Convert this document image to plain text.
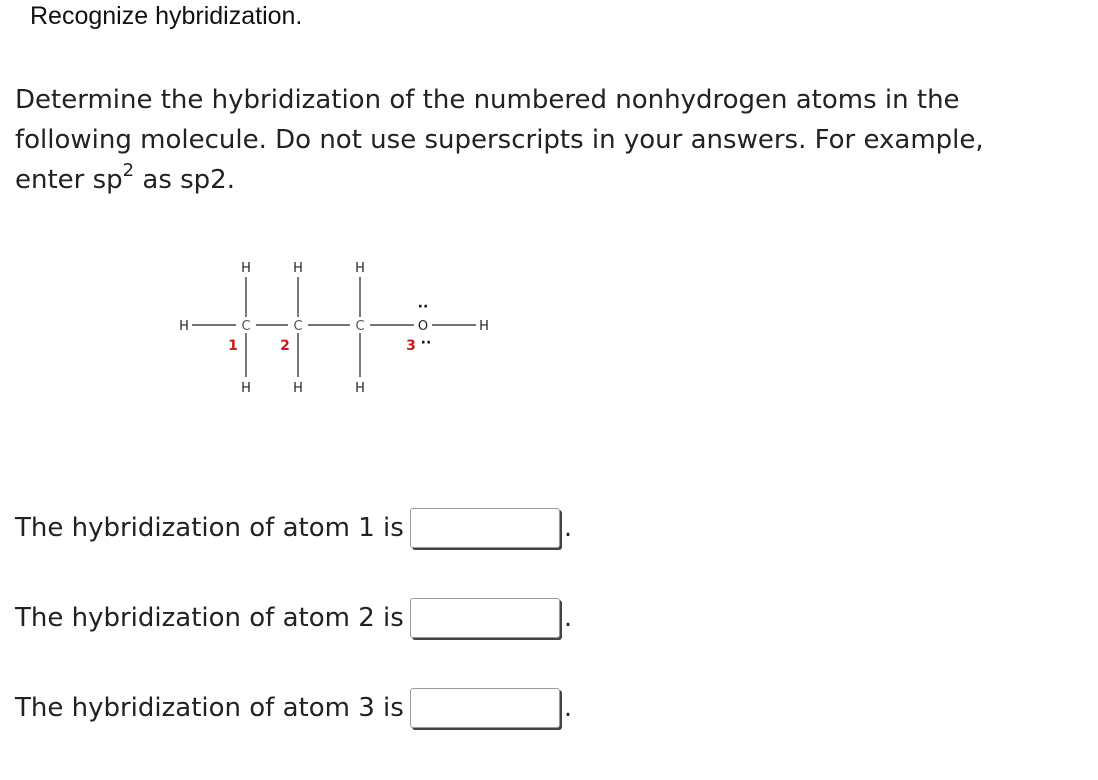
Recognize hybridization.
Determine the hybridization of the numbered nonhydrogen atoms in the following molecule. Do not use superscripts in your answers. For example, enter $sp^2$ as sp2.
H	H	H
H	C	C	C	O	H
H	H	H
··
··
1	2	3
The hybridization of atom 1 is	.
The hybridization of atom 2 is	.
The hybridization of atom 3 is	.
